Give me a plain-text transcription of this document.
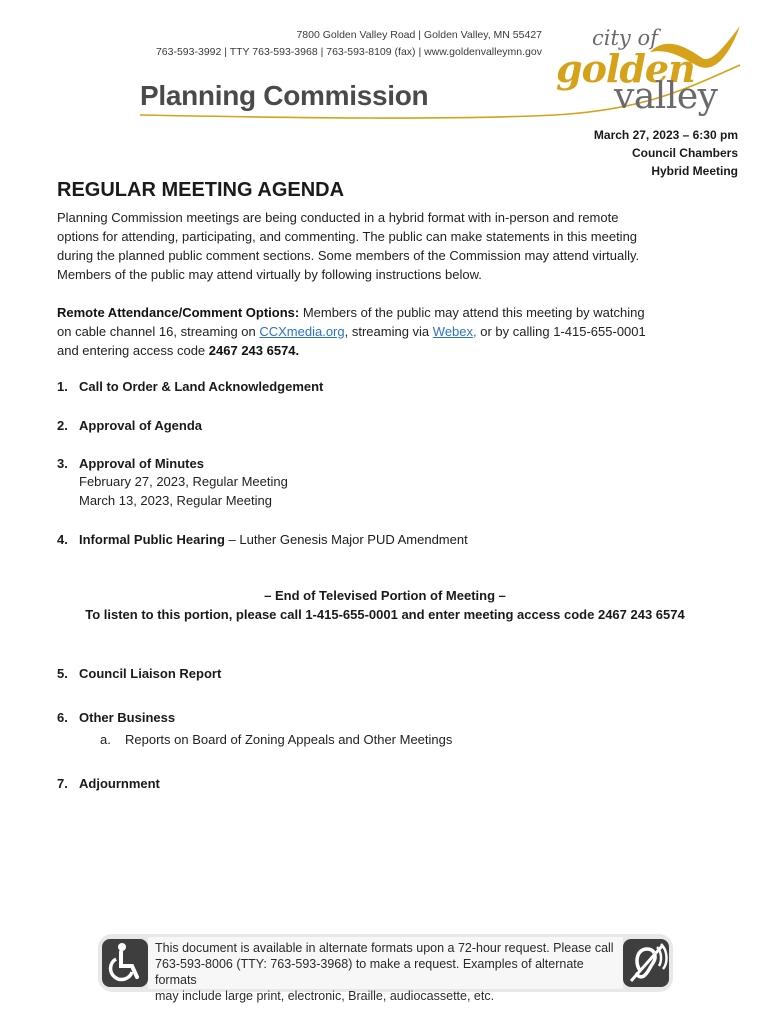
7800 Golden Valley Road | Golden Valley, MN 55427
763-593-3992 | TTY 763-593-3968 | 763-593-8109 (fax) | www.goldenvalleymn.gov
Planning Commission
city of
golden
valley
March 27, 2023 – 6:30 pm
Council Chambers
Hybrid Meeting
REGULAR MEETING AGENDA
Planning Commission meetings are being conducted in a hybrid format with in-person and remote
options for attending, participating, and commenting. The public can make statements in this meeting
during the planned public comment sections. Some members of the Commission may attend virtually.
Members of the public may attend virtually by following instructions below.
Remote Attendance/Comment Options: Members of the public may attend this meeting by watching
on cable channel 16, streaming on CCXmedia.org, streaming via Webex, or by calling 1-415-655-0001
and entering access code 2467 243 6574.
1. Call to Order & Land Acknowledgement
2. Approval of Agenda
3. Approval of Minutes
February 27, 2023, Regular Meeting
March 13, 2023, Regular Meeting
4. Informal Public Hearing – Luther Genesis Major PUD Amendment
– End of Televised Portion of Meeting –
To listen to this portion, please call 1-415-655-0001 and enter meeting access code 2467 243 6574
5. Council Liaison Report
6. Other Business
a. Reports on Board of Zoning Appeals and Other Meetings
7. Adjournment
This document is available in alternate formats upon a 72-hour request. Please call
763-593-8006 (TTY: 763-593-3968) to make a request. Examples of alternate formats
may include large print, electronic, Braille, audiocassette, etc.
